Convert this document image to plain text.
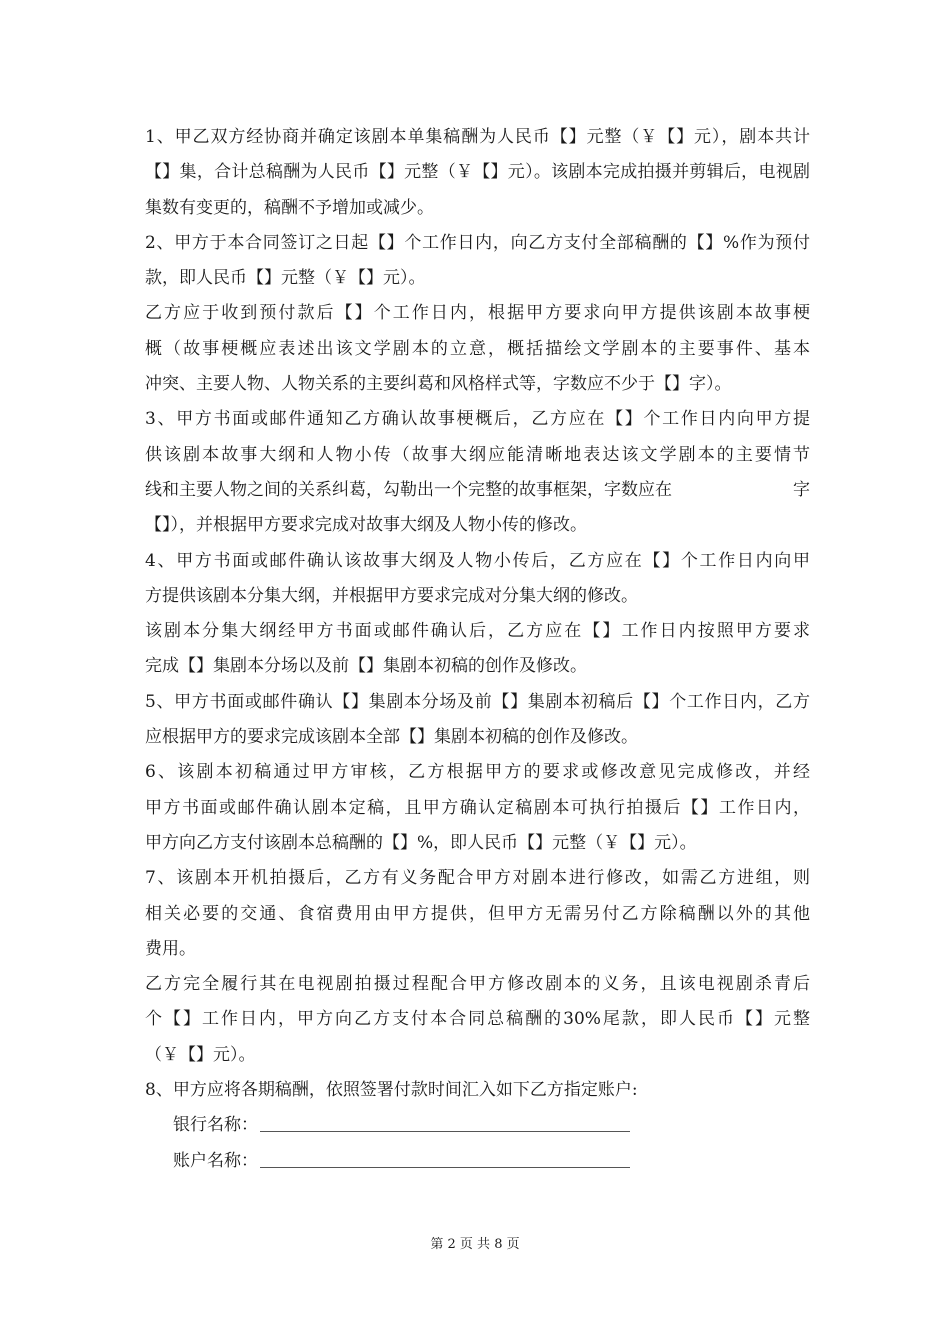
1、甲乙双方经协商并确定该剧本单集稿酬为人民币【】元整（￥【】元），剧本共计
【】集，合计总稿酬为人民币【】元整（￥【】元）。该剧本完成拍摄并剪辑后，电视剧
集数有变更的，稿酬不予增加或减少。
2、甲方于本合同签订之日起【】个工作日内，向乙方支付全部稿酬的【】%作为预付
款，即人民币【】元整（￥【】元）。
乙方应于收到预付款后【】个工作日内，根据甲方要求向甲方提供该剧本故事梗
概（故事梗概应表述出该文学剧本的立意，概括描绘文学剧本的主要事件、基本
冲突、主要人物、人物关系的主要纠葛和风格样式等，字数应不少于【】字）。
3、甲方书面或邮件通知乙方确认故事梗概后，乙方应在【】个工作日内向甲方提
供该剧本故事大纲和人物小传（故事大纲应能清晰地表达该文学剧本的主要情节
线和主要人物之间的关系纠葛，勾勒出一个完整的故事框架，字数应在	字
【】），并根据甲方要求完成对故事大纲及人物小传的修改。
4、甲方书面或邮件确认该故事大纲及人物小传后，乙方应在【】个工作日内向甲
方提供该剧本分集大纲，并根据甲方要求完成对分集大纲的修改。
该剧本分集大纲经甲方书面或邮件确认后，乙方应在【】工作日内按照甲方要求
完成【】集剧本分场以及前【】集剧本初稿的创作及修改。
5、甲方书面或邮件确认【】集剧本分场及前【】集剧本初稿后【】个工作日内，乙方
应根据甲方的要求完成该剧本全部【】集剧本初稿的创作及修改。
6、该剧本初稿通过甲方审核，乙方根据甲方的要求或修改意见完成修改，并经
甲方书面或邮件确认剧本定稿，且甲方确认定稿剧本可执行拍摄后【】工作日内，
甲方向乙方支付该剧本总稿酬的【】%，即人民币【】元整（￥【】元）。
7、该剧本开机拍摄后，乙方有义务配合甲方对剧本进行修改，如需乙方进组，则
相关必要的交通、食宿费用由甲方提供，但甲方无需另付乙方除稿酬以外的其他
费用。
乙方完全履行其在电视剧拍摄过程配合甲方修改剧本的义务，且该电视剧杀青后
个【】工作日内，甲方向乙方支付本合同总稿酬的30%尾款，即人民币【】元整
（￥【】元）。
8、甲方应将各期稿酬，依照签署付款时间汇入如下乙方指定账户:
银行名称：
账户名称：
第 2 页 共 8 页
